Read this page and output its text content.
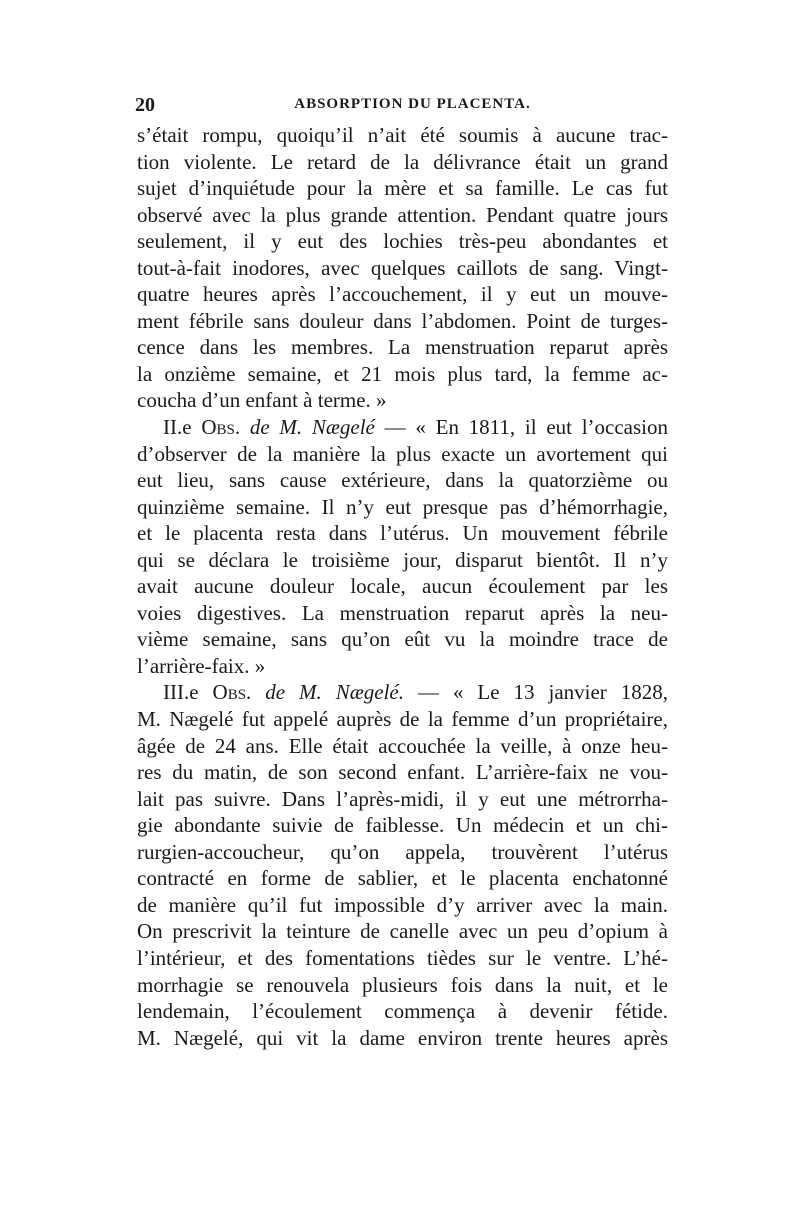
20	ABSORPTION DU PLACENTA.
s’était rompu, quoiqu’il n’ait été soumis à aucune trac-
tion violente. Le retard de la délivrance était un grand
sujet d’inquiétude pour la mère et sa famille. Le cas fut
observé avec la plus grande attention. Pendant quatre jours
seulement, il y eut des lochies très-peu abondantes et
tout-à-fait inodores, avec quelques caillots de sang. Vingt-
quatre heures après l’accouchement, il y eut un mouve-
ment fébrile sans douleur dans l’abdomen. Point de turges-
cence dans les membres. La menstruation reparut après
la onzième semaine, et 21 mois plus tard, la femme ac-
coucha d’un enfant à terme. »
II.e Obs. de M. Nægelé — « En 1811, il eut l’occasion
d’observer de la manière la plus exacte un avortement qui
eut lieu, sans cause extérieure, dans la quatorzième ou
quinzième semaine. Il n’y eut presque pas d’hémorrhagie,
et le placenta resta dans l’utérus. Un mouvement fébrile
qui se déclara le troisième jour, disparut bientôt. Il n’y
avait aucune douleur locale, aucun écoulement par les
voies digestives. La menstruation reparut après la neu-
vième semaine, sans qu’on eût vu la moindre trace de
l’arrière-faix. »
III.e Obs. de M. Nægelé. — « Le 13 janvier 1828,
M. Nægelé fut appelé auprès de la femme d’un propriétaire,
âgée de 24 ans. Elle était accouchée la veille, à onze heu-
res du matin, de son second enfant. L’arrière-faix ne vou-
lait pas suivre. Dans l’après-midi, il y eut une métrorrha-
gie abondante suivie de faiblesse. Un médecin et un chi-
rurgien-accoucheur, qu’on appela, trouvèrent l’utérus
contracté en forme de sablier, et le placenta enchatonné
de manière qu’il fut impossible d’y arriver avec la main.
On prescrivit la teinture de canelle avec un peu d’opium à
l’intérieur, et des fomentations tièdes sur le ventre. L’hé-
morrhagie se renouvela plusieurs fois dans la nuit, et le
lendemain, l’écoulement commença à devenir fétide.
M. Nægelé, qui vit la dame environ trente heures après
